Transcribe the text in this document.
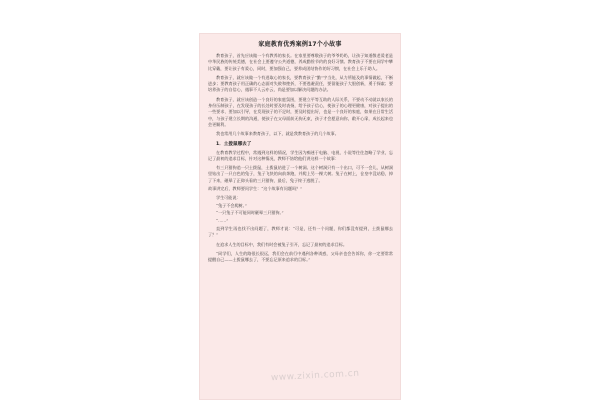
家庭教育优秀案例17个小故事

教育孩子，首先应该做一个有教养的家长。在家里要尊敬孩子的爷爷奶奶，让孩子知道敬老爱老是中华民族的传统美德，在社会上要遵守公共道德，养成勤俭节约的良好习惯。教育孩子不要在同学中攀比穿戴，要让孩子有爱心，同时，要加强自己，要养成团结协作的好习惯，在社会上乐于助人。

教育孩子，就应该做一个有进取心的家长，要教育孩子“勤”字当先，从力所能及的事情做起，不断进步；要教育孩子用正确的心态面对失败和挫折，不要逃避责任，要留能孩子大胆创新，勇于探索；要培养孩子的自信心，遇事不人云亦云，尚是要加以解决问题的办法。

教育孩子，就应该创造一个良好的家庭氛围，要建立平等互助的人际关系，不要动不动就以家长的身份压制孩子，在发现孩子的长处时要及时表扬，给予孩子信心，使孩子的心理更健康，对孩子提出的一些要求、要加以引导，在发现孩子的不足时，要及时提出好，也是一个良好的家庭，如果在日常生活中，与孩子建立长期的沟通，使孩子在父母面前无拘无束，孩子才会愿意向你，敞开心扉，成长起来也会更顺利。

我也常用几个故事来教育孩子，以下，就是我教育孩子的几个故事。

1．土拨鼠哪去了

在教育教学过程中，常遇到这样的情况，学生因为痴迷于电脑、电视、小说等往往忽略了学业，忘记了最初的追求目标，针对这种情况，教师不妨给他们讲这样一个故事：

有三只猎狗追一只土拨鼠，土拨鼠钻进了一个树洞。这个树洞只有一个出口，可不一会儿，从树洞里钻出了一只白色的兔子，兔子飞快的向前奔跑，并爬上另一棵大树。兔子在树上，仓皇中没站稳，掉了下来，砸晕了正仰头看的三只猎狗，最后，兔子终于逃脱了。

故事讲完后，教师要问学生：“这个故事有问题吗？”

学生可能说：

“兔子不会爬树。”

“一只兔子不可能同时砸晕三只猎狗。”

“……”

直到学生再也找不出问题了，教师才说：“可是，还有一个问题，你们都没有提到，土拨鼠哪去了？”

在追求人生的目标中，我们有时会被兔子引开，忘记了最初的追求目标。

“同学们，人生的路很长很远，我们会在前行中遇到各种诱惑，父母亲也会告诉你，你一定要常常提醒自己——土拨鼠哪去了，不要忘记原来追求的目标。”

www.zixin.com.cn
